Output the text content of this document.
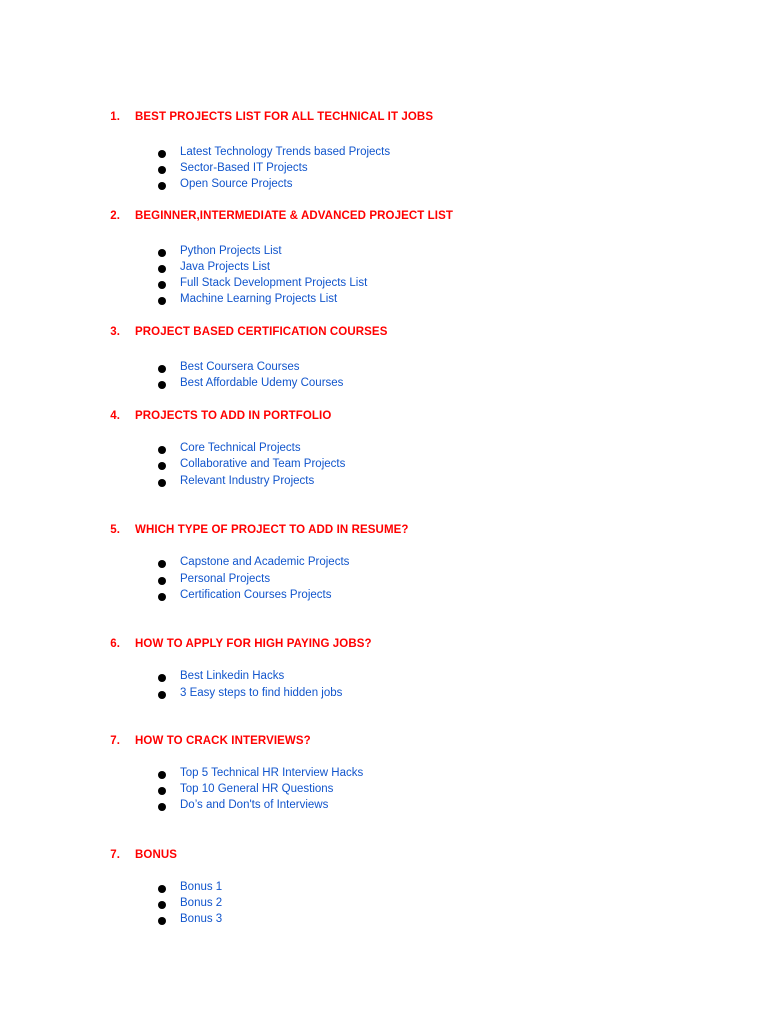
1. BEST PROJECTS LIST FOR ALL TECHNICAL IT JOBS
Latest Technology Trends based Projects
Sector-Based IT Projects
Open Source Projects
2. BEGINNER,INTERMEDIATE & ADVANCED PROJECT LIST
Python Projects List
Java Projects List
Full Stack Development Projects List
Machine Learning Projects List
3. PROJECT BASED CERTIFICATION COURSES
Best Coursera Courses
Best Affordable Udemy Courses
4. PROJECTS TO ADD IN PORTFOLIO
Core Technical Projects
Collaborative and Team Projects
Relevant Industry Projects
5. WHICH TYPE OF PROJECT TO ADD IN RESUME?
Capstone and Academic Projects
Personal Projects
Certification Courses Projects
6. HOW TO APPLY FOR HIGH PAYING JOBS?
Best Linkedin Hacks
3 Easy steps to find hidden jobs
7. HOW TO CRACK INTERVIEWS?
Top 5 Technical HR Interview Hacks
Top 10 General HR Questions
Do’s and Don'ts of Interviews
7. BONUS
Bonus 1
Bonus 2
Bonus 3
